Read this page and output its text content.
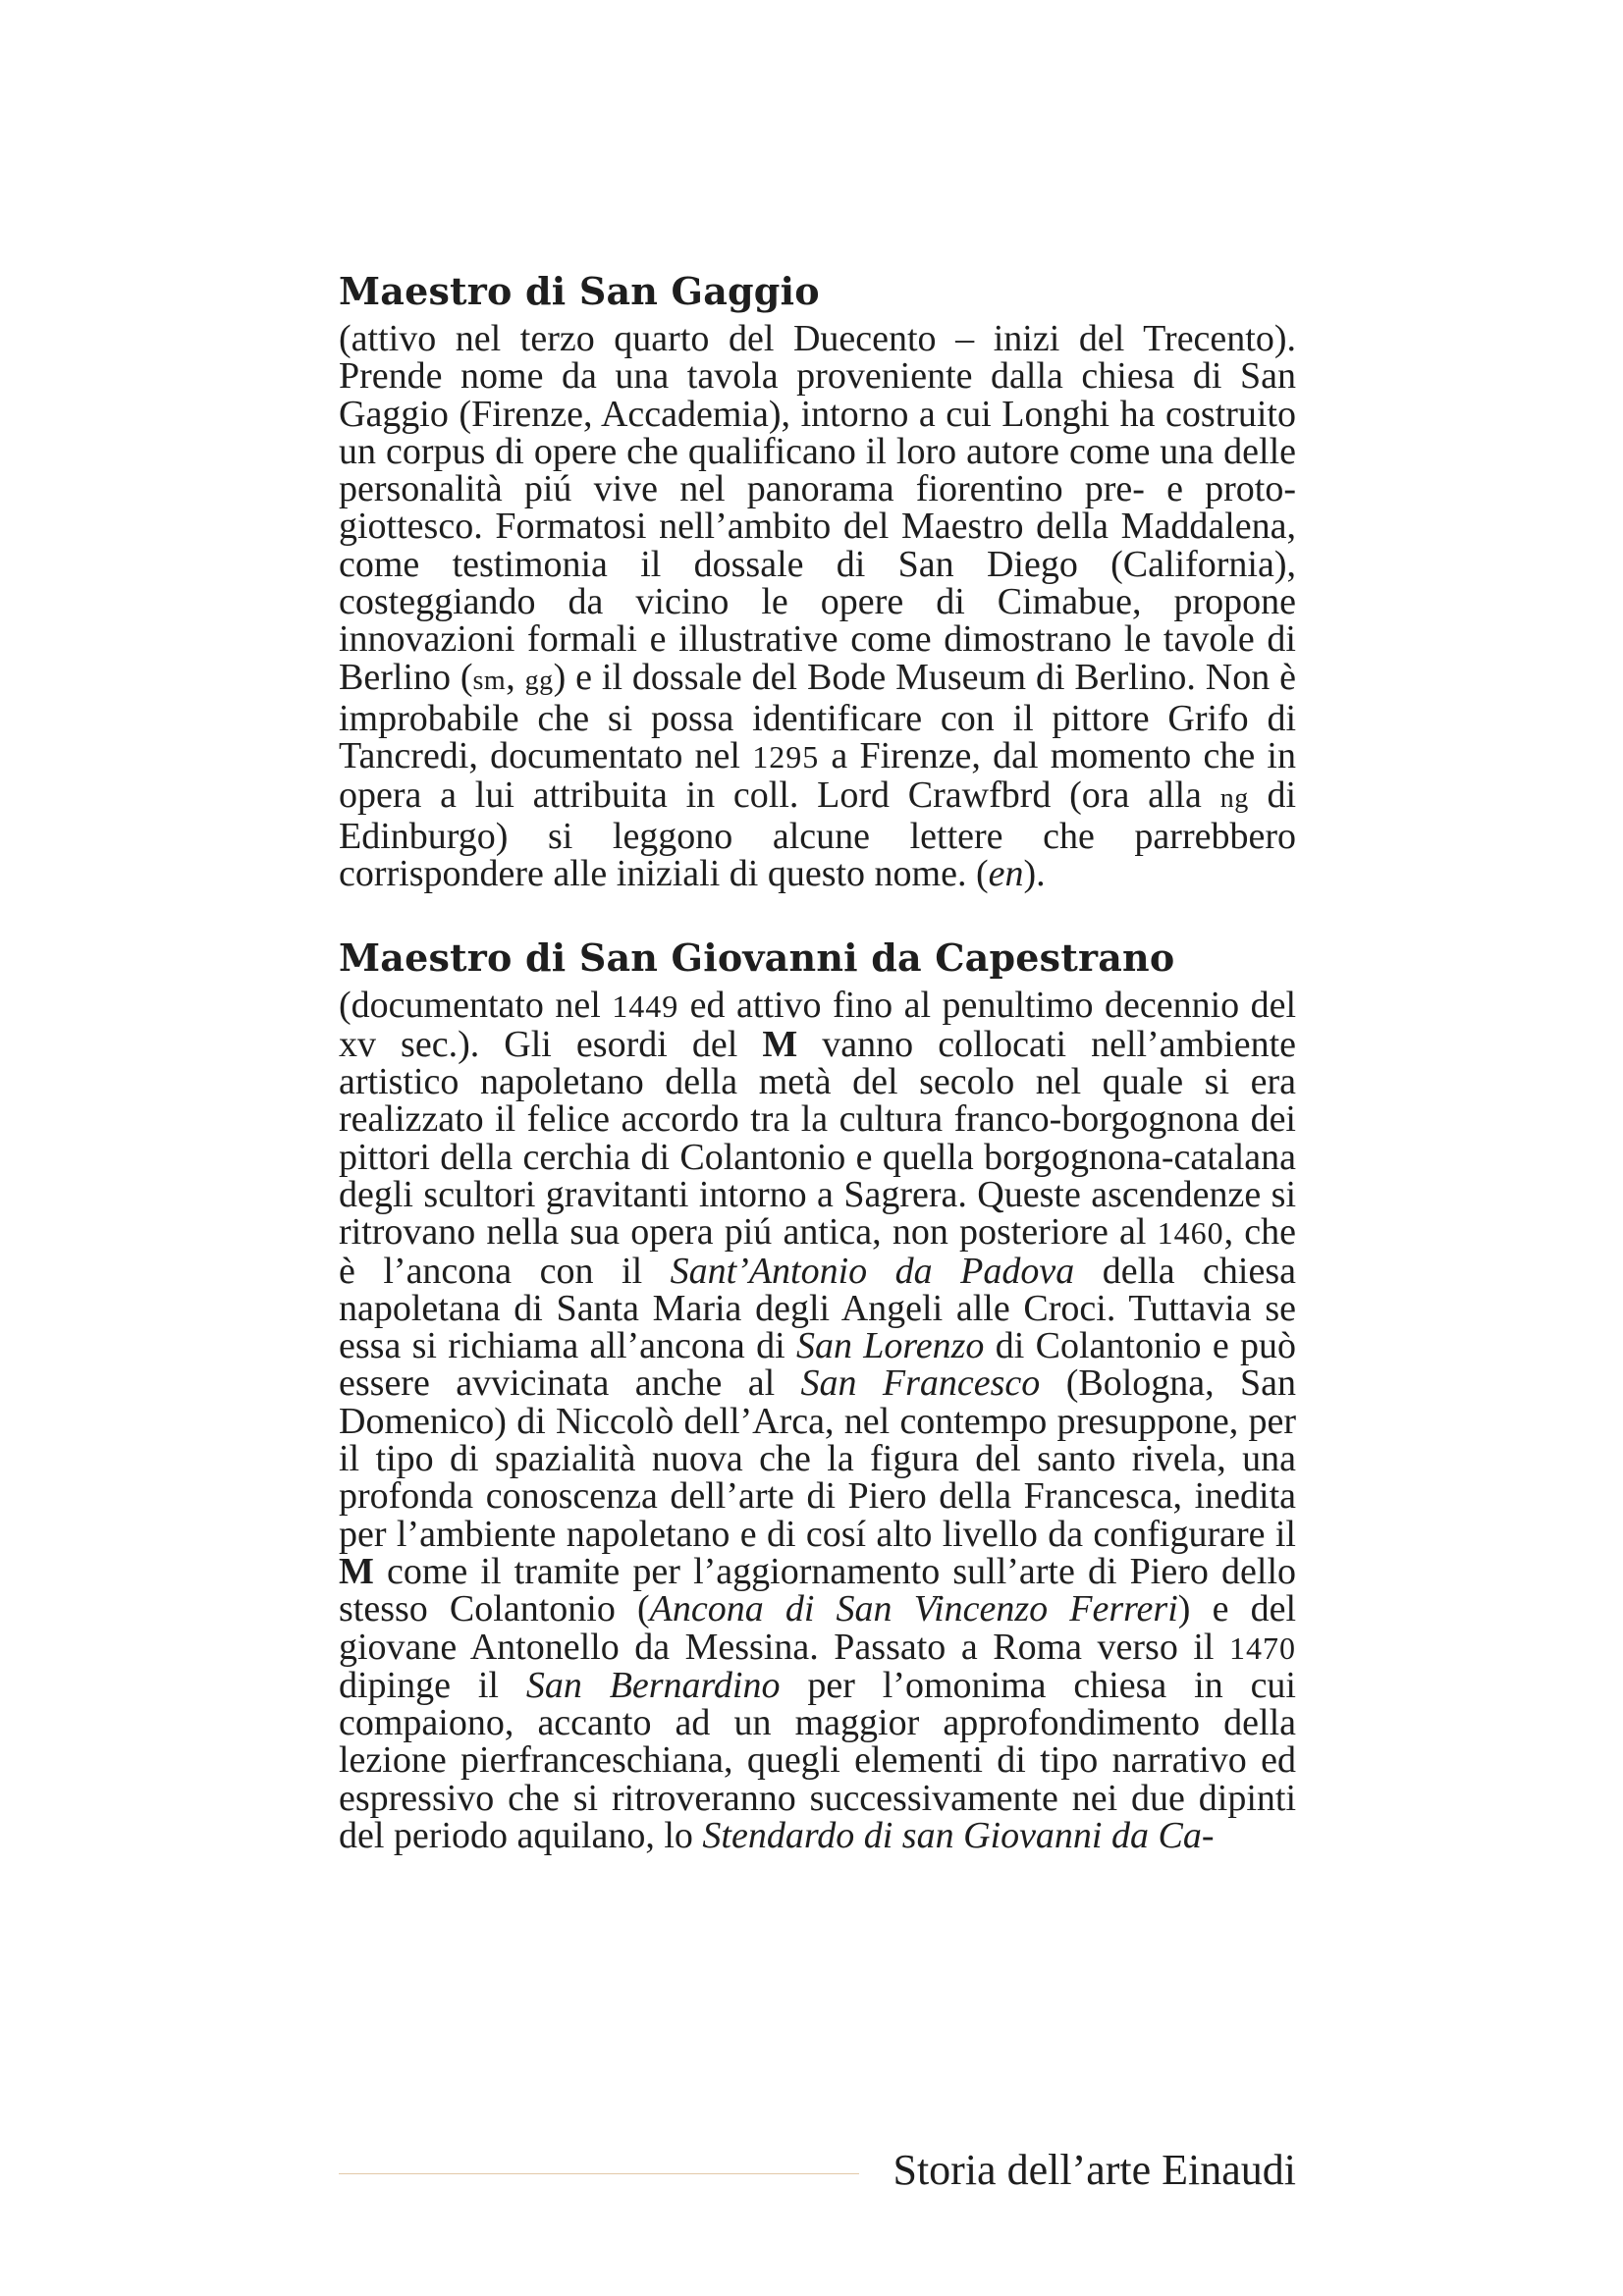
Maestro di San Gaggio

(attivo nel terzo quarto del Duecento – inizi del Trecento). Prende nome da una tavola proveniente dalla chiesa di San Gaggio (Firenze, Accademia), intorno a cui Longhi ha costruito un corpus di opere che qualificano il loro autore come una delle personalità piú vive nel panorama fiorentino pre- e proto- giottesco. Formatosi nell’ambito del Maestro della Maddalena, come testimonia il dossale di San Diego (California), costeggiando da vicino le opere di Cimabue, propone innovazioni formali e illustrative come dimostrano le tavole di Berlino (sm, gg) e il dossale del Bode Museum di Berlino. Non è improbabile che si possa identificare con il pittore Grifo di Tancredi, documentato nel 1295 a Firenze, dal momento che in opera a lui attribuita in coll. Lord Crawfbrd (ora alla ng di Edinburgo) si leggono alcune lettere che parrebbero corrispondere alle iniziali di questo nome. (en).

Maestro di San Giovanni da Capestrano

(documentato nel 1449 ed attivo fino al penultimo decennio del xv sec.). Gli esordi del M vanno collocati nell’ambiente artistico napoletano della metà del secolo nel quale si era realizzato il felice accordo tra la cultura franco-borgognona dei pittori della cerchia di Colantonio e quella borgognona-catalana degli scultori gravitanti intorno a Sagrera. Queste ascendenze si ritrovano nella sua opera piú antica, non posteriore al 1460, che è l’ancona con il Sant’Antonio da Padova della chiesa napoletana di Santa Maria degli Angeli alle Croci. Tuttavia se essa si richiama all’ancona di San Lorenzo di Colantonio e può essere avvicinata anche al San Francesco (Bologna, San Domenico) di Niccolò dell’Arca, nel contempo presuppone, per il tipo di spazialità nuova che la figura del santo rivela, una profonda conoscenza dell’arte di Piero della Francesca, inedita per l’ambiente napoletano e di cosí alto livello da configurare il M come il tramite per l’aggiornamento sull’arte di Piero dello stesso Colantonio (Ancona di San Vincenzo Ferreri) e del giovane Antonello da Messina. Passato a Roma verso il 1470 dipinge il San Bernardino per l’omonima chiesa in cui compaiono, accanto ad un maggior approfondimento della lezione pierfranceschiana, quegli elementi di tipo narrativo ed espressivo che si ritroveranno successivamente nei due dipinti del periodo aquilano, lo Stendardo di san Giovanni da Ca-

Storia dell’arte Einaudi
